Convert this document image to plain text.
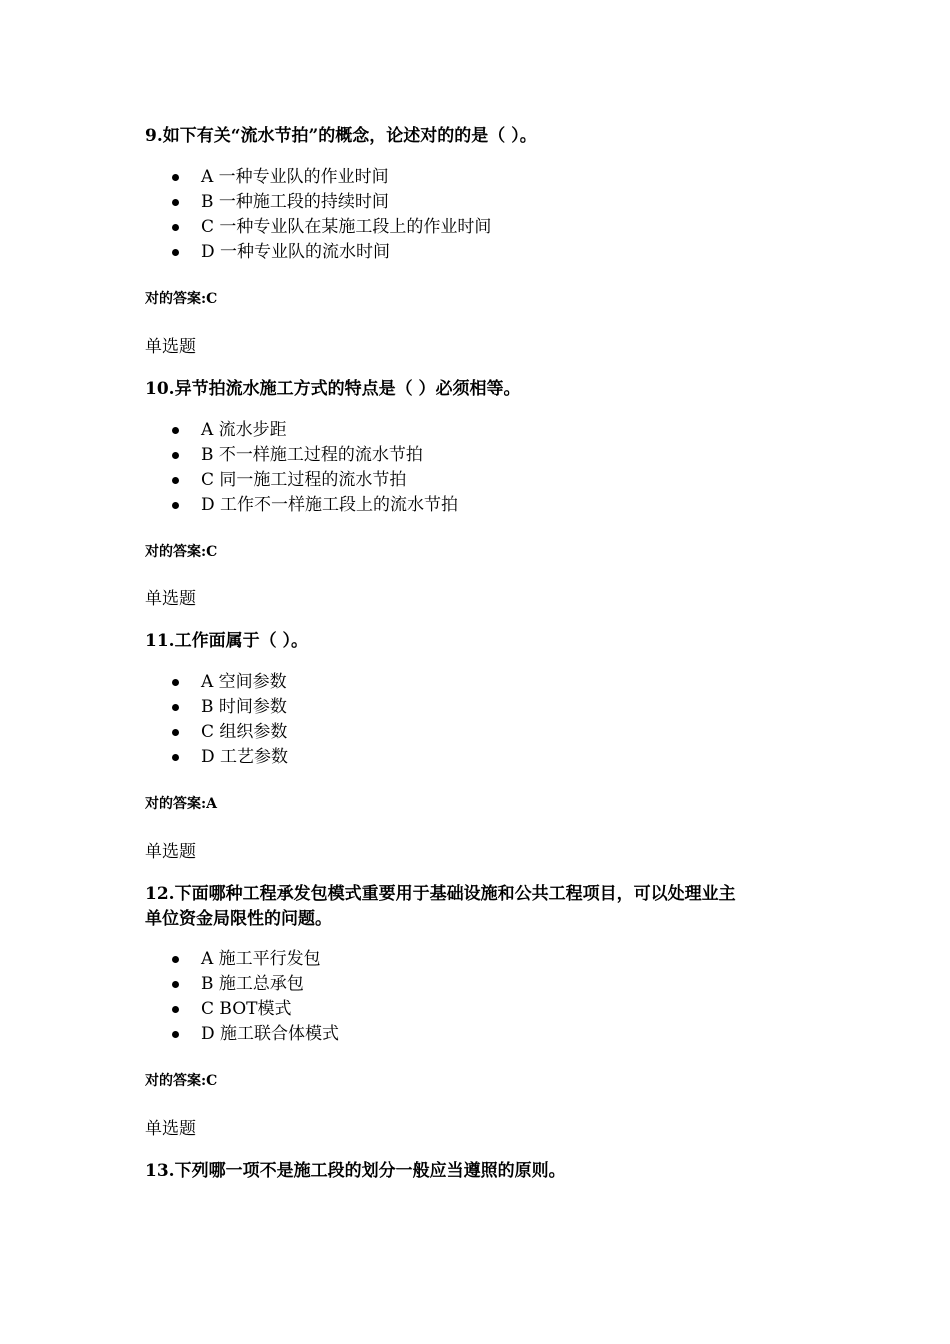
9.如下有关“流水节拍”的概念，论述对的的是（ ）。

A 一种专业队的作业时间
B 一种施工段的持续时间
C 一种专业队在某施工段上的作业时间
D 一种专业队的流水时间

对的答案:C

单选题

10.异节拍流水施工方式的特点是（ ）必须相等。

A 流水步距
B 不一样施工过程的流水节拍
C 同一施工过程的流水节拍
D 工作不一样施工段上的流水节拍

对的答案:C

单选题

11.工作面属于（ ）。

A 空间参数
B 时间参数
C 组织参数
D 工艺参数

对的答案:A

单选题

12.下面哪种工程承发包模式重要用于基础设施和公共工程项目，可以处理业主
单位资金局限性的问题。

A 施工平行发包
B 施工总承包
C BOT模式
D 施工联合体模式

对的答案:C

单选题

13.下列哪一项不是施工段的划分一般应当遵照的原则。
